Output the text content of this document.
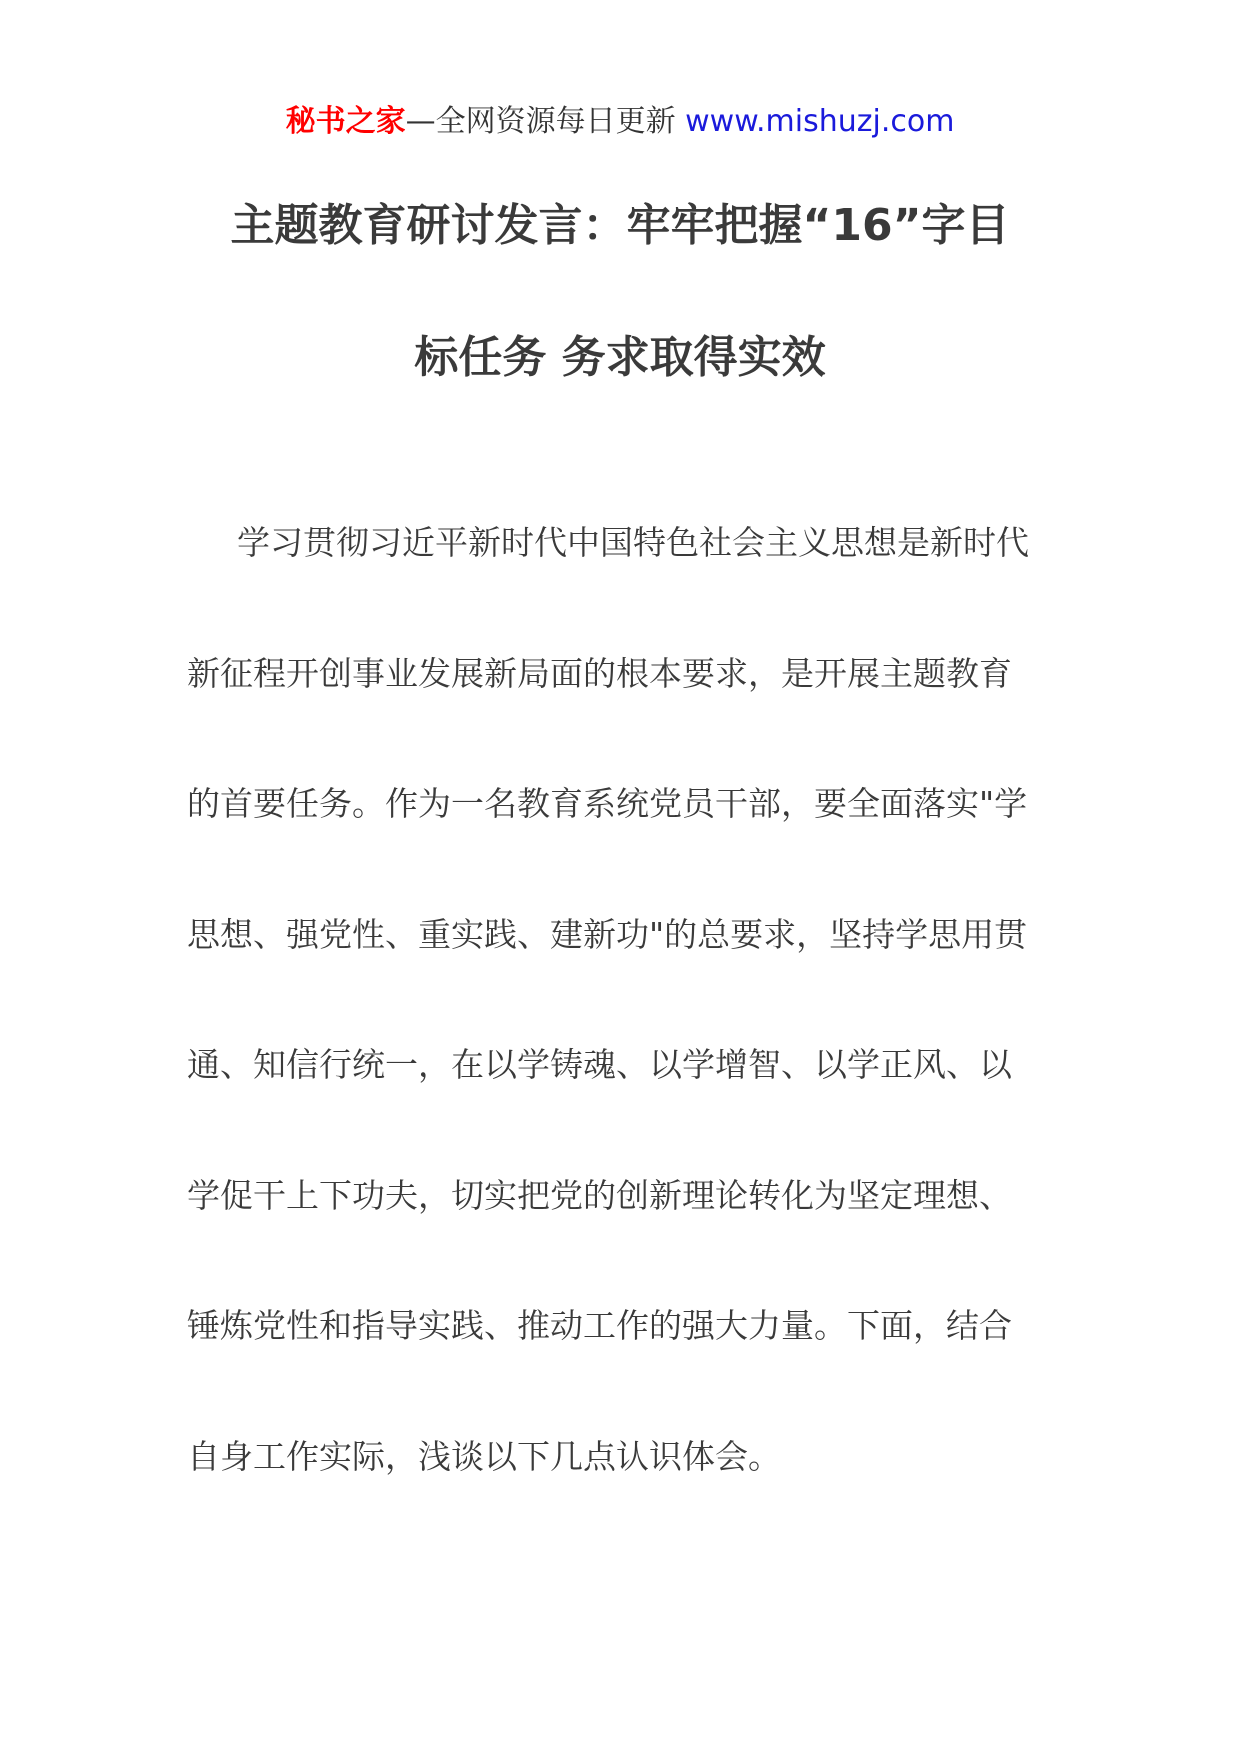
秘书之家—全网资源每日更新 www.mishuzj.com
主题教育研讨发言：牢牢把握“16”字目
标任务 务求取得实效
学习贯彻习近平新时代中国特色社会主义思想是新时代
新征程开创事业发展新局面的根本要求，是开展主题教育
的首要任务。作为一名教育系统党员干部，要全面落实"学
思想、强党性、重实践、建新功"的总要求，坚持学思用贯
通、知信行统一，在以学铸魂、以学增智、以学正风、以
学促干上下功夫，切实把党的创新理论转化为坚定理想、
锤炼党性和指导实践、推动工作的强大力量。下面，结合
自身工作实际，浅谈以下几点认识体会。
